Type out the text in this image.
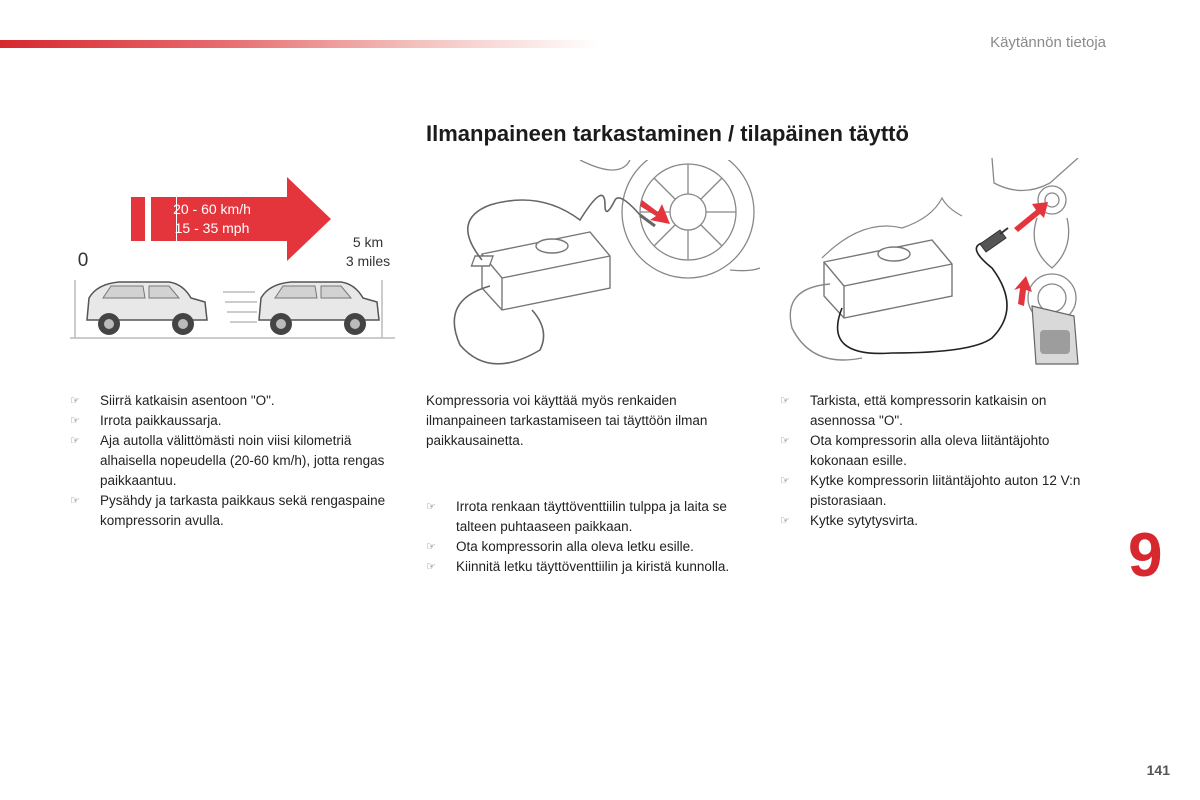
Käytännön tietoja
Ilmanpaineen tarkastaminen / tilapäinen täyttö
20 - 60 km/h
15 - 35 mph
5 km
3 miles
0
☞ Siirrä katkaisin asentoon "O".
☞ Irrota paikkaussarja.
☞ Aja autolla välittömästi noin viisi kilometriä alhaisella nopeudella (20-60 km/h), jotta rengas paikkaantuu.
☞ Pysähdy ja tarkasta paikkaus sekä rengaspaine kompressorin avulla.

Kompressoria voi käyttää myös renkaiden ilmanpaineen tarkastamiseen tai täyttöön ilman paikkausainetta.

☞ Irrota renkaan täyttöventtiilin tulppa ja laita se talteen puhtaaseen paikkaan.
☞ Ota kompressorin alla oleva letku esille.
☞ Kiinnitä letku täyttöventtiilin ja kiristä kunnolla.
☞ Tarkista, että kompressorin katkaisin on asennossa "O".
☞ Ota kompressorin alla oleva liitäntäjohto kokonaan esille.
☞ Kytke kompressorin liitäntäjohto auton 12 V:n pistorasiaan.
☞ Kytke sytytysvirta.
9
141
